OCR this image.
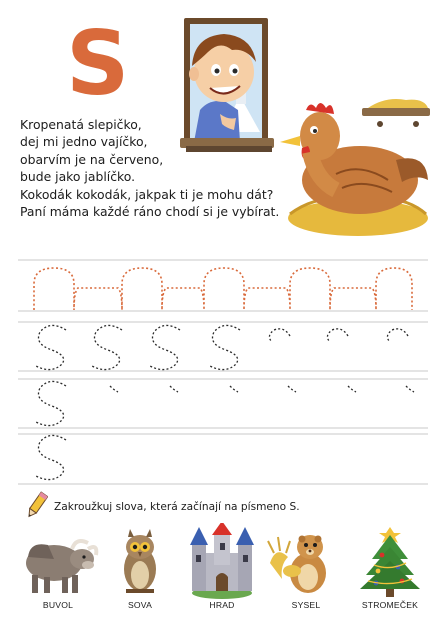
S
Kropenatá slepičko,
dej mi jedno vajíčko,
obarvím je na červeno,
bude jako jablíčko.
Kokodák kokodák, jakpak ti je mohu dát?
Paní máma každé ráno chodí si je vybírat.
Zakroužkuj slova, která začínají na písmeno S.
BUVOL	SOVA	HRAD	SYSEL	STROMEČEK
